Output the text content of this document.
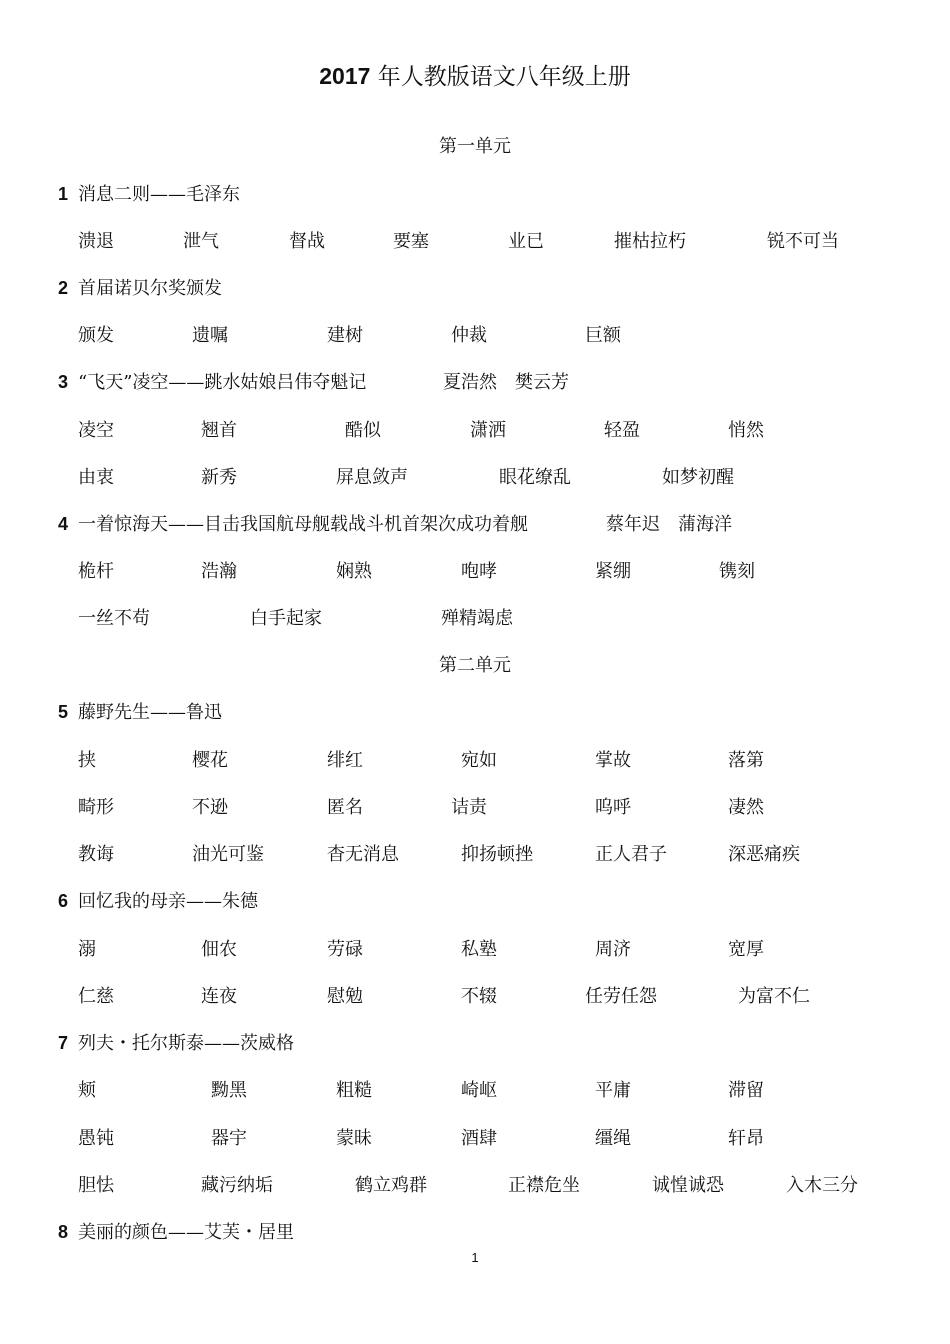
2017 年人教版语文八年级上册
第一单元
1 消息二则——毛泽东
溃退	泄气	督战	要塞	业已	摧枯拉朽	锐不可当
2 首届诺贝尔奖颁发
颁发	遗嘱	建树	仲裁	巨额
3 “飞天”凌空——跳水姑娘吕伟夺魁记	夏浩然　樊云芳
凌空	翘首	酷似	潇洒	轻盈	悄然
由衷	新秀	屏息敛声	眼花缭乱	如梦初醒
4 一着惊海天——目击我国航母舰载战斗机首架次成功着舰	蔡年迟　蒲海洋
桅杆	浩瀚	娴熟	咆哮	紧绷	镌刻
一丝不苟	白手起家	殚精竭虑
第二单元
5 藤野先生——鲁迅
挟	樱花	绯红	宛如	掌故	落第
畸形	不逊	匿名	诘责	呜呼	凄然
教诲	油光可鉴	杳无消息	抑扬顿挫	正人君子	深恶痛疾
6 回忆我的母亲——朱德
溺	佃农	劳碌	私塾	周济	宽厚
仁慈	连夜	慰勉	不辍	任劳任怨	为富不仁
7 列夫・托尔斯泰——茨威格
颊	黝黑	粗糙	崎岖	平庸	滞留
愚钝	器宇	蒙昧	酒肆	缰绳	轩昂
胆怯	藏污纳垢	鹤立鸡群	正襟危坐	诚惶诚恐	入木三分
8 美丽的颜色——艾芙・居里
1
